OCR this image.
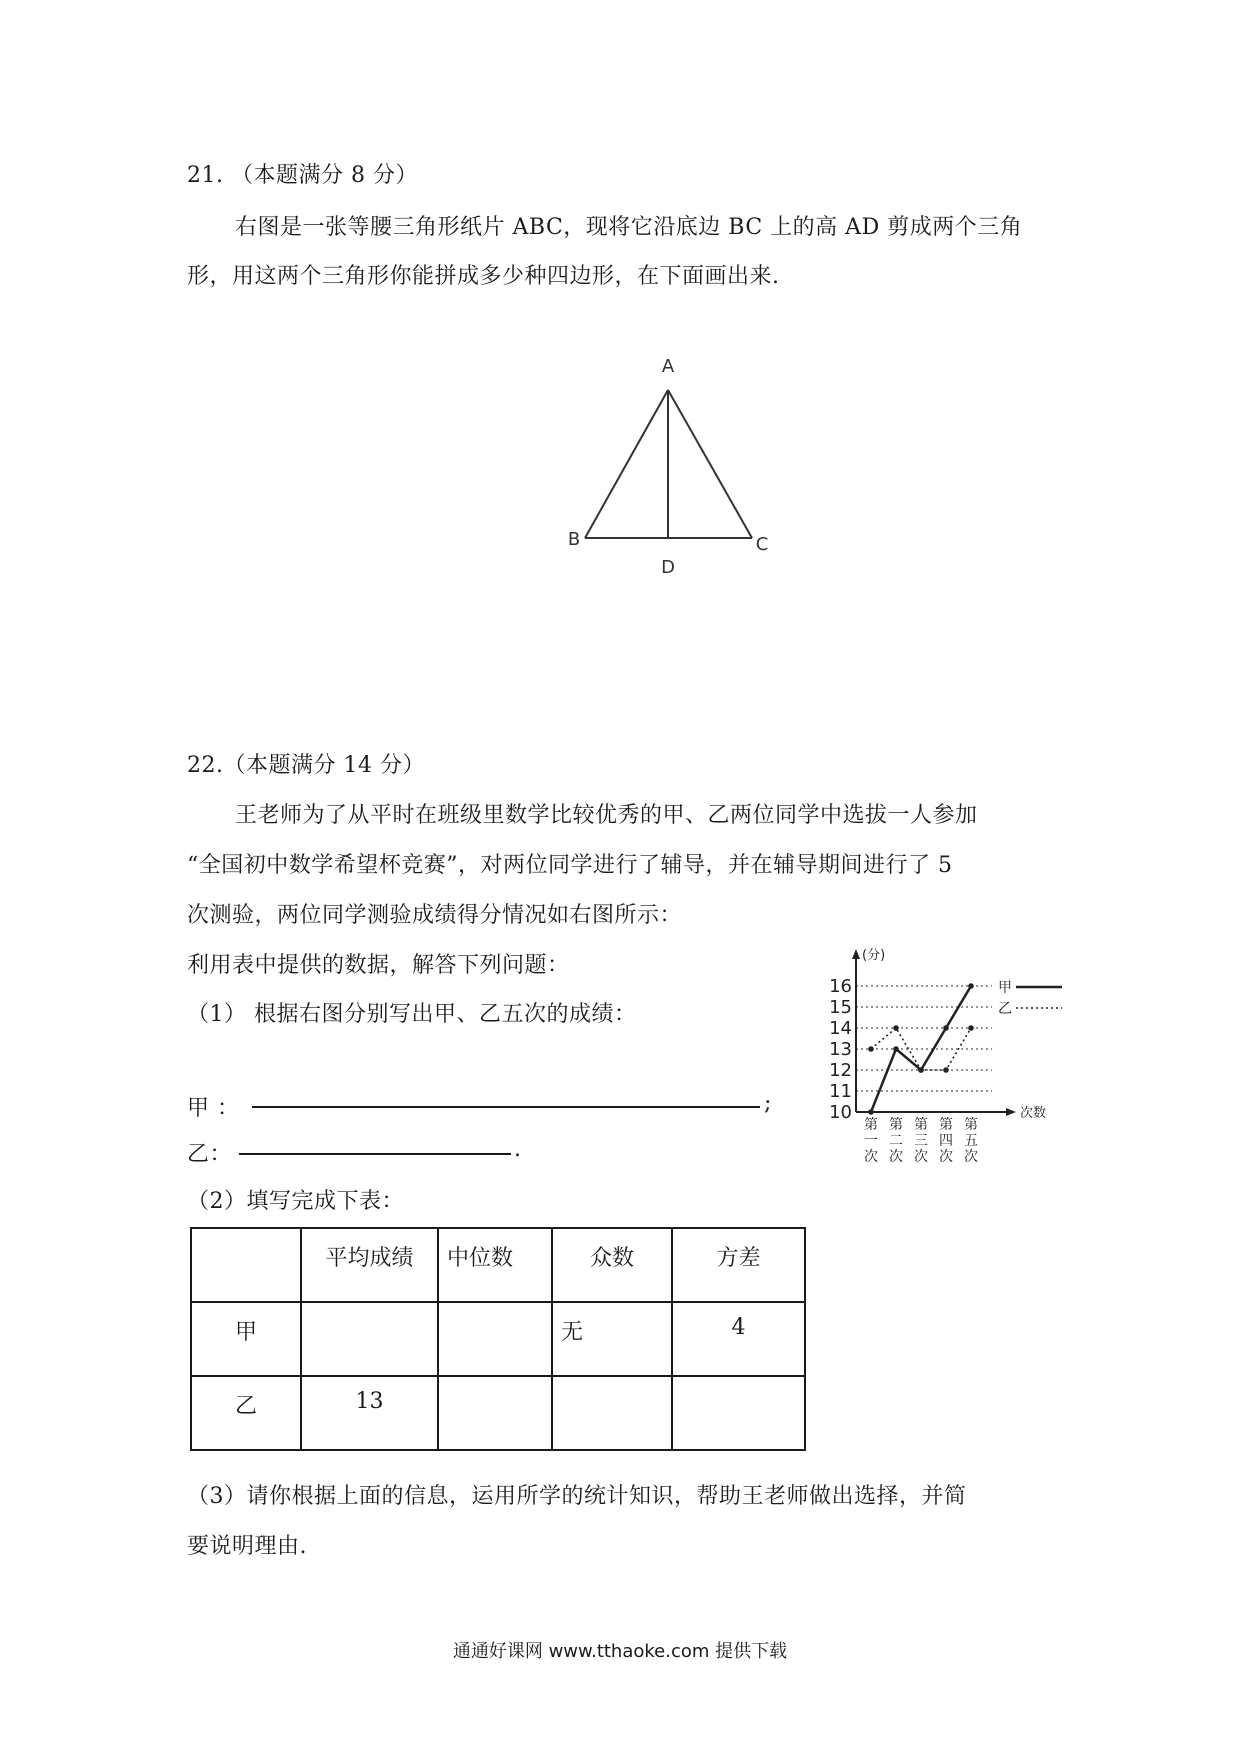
21. （本题满分 8 分）
右图是一张等腰三角形纸片 ABC，现将它沿底边 BC 上的高 AD 剪成两个三角
形，用这两个三角形你能拼成多少种四边形，在下面画出来.
A
B	C
D
22.（本题满分 14 分）
王老师为了从平时在班级里数学比较优秀的甲、乙两位同学中选拔一人参加
“全国初中数学希望杯竞赛”，对两位同学进行了辅导，并在辅导期间进行了 5
次测验，两位同学测验成绩得分情况如右图所示：
利用表中提供的数据，解答下列问题：
（1） 根据右图分别写出甲、乙五次的成绩：
甲 ：	;
乙：	.
（2）填写完成下表：
	平均成绩	中位数	众数	方差
甲			无	4
乙	13			
（3）请你根据上面的信息，运用所学的统计知识，帮助王老师做出选择，并简
要说明理由.
(分)
次数
10
11
12
13
14
15
16
第
一
次
第
二
次
第
三
次
第
四
次
第
五
次
甲
乙
通通好课网 www.tthaoke.com 提供下载
